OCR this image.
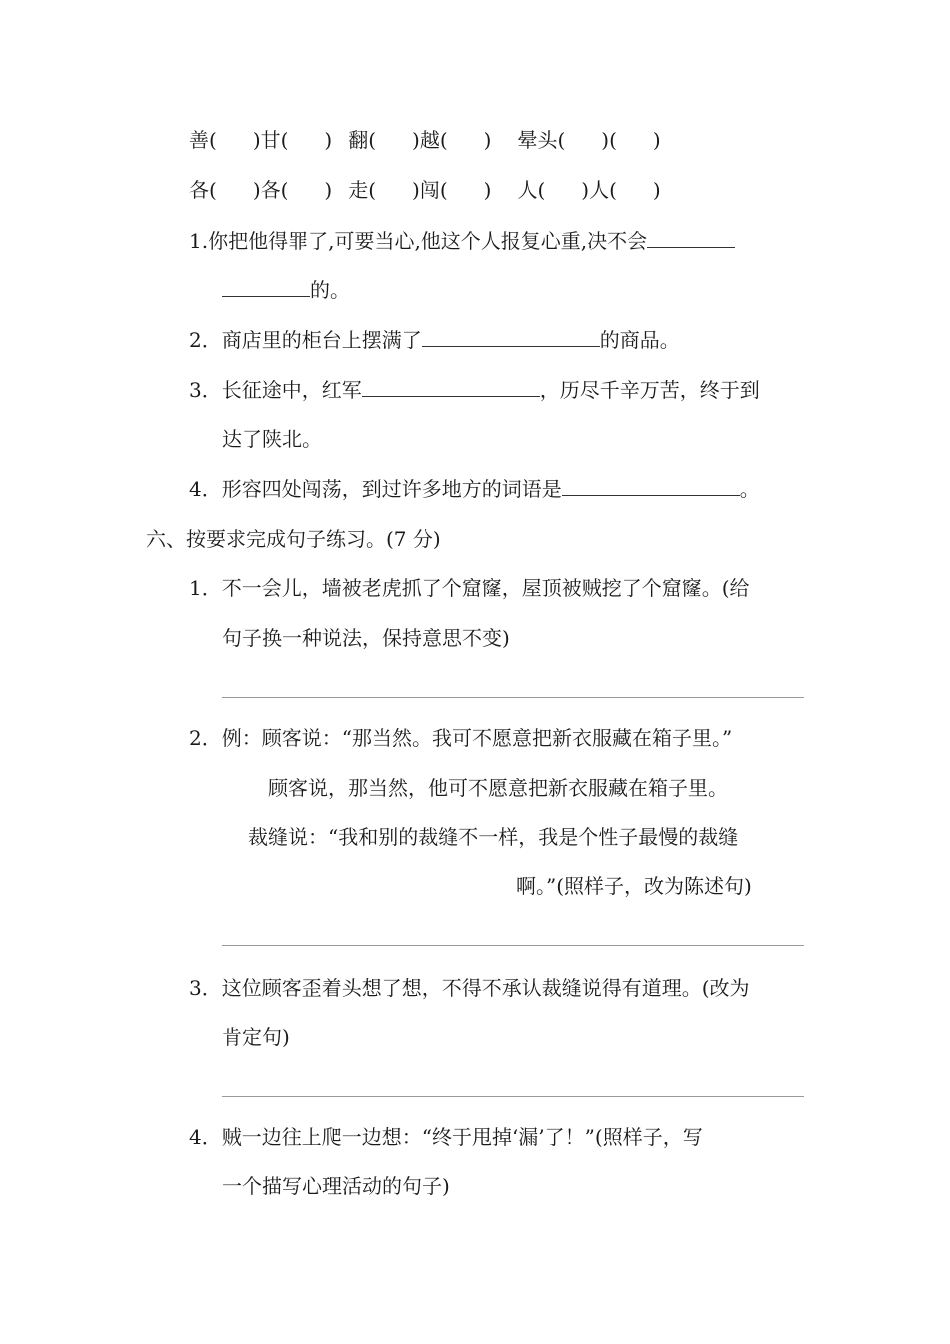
善( )甘( ) 翻( )越( ) 晕头( )( )
各( )各( ) 走( )闯( ) 人( )人( )
1.你把他得罪了,可要当心,他这个人报复心重,决不会
的。
2．商店里的柜台上摆满了	的商品。
3．长征途中，红军	，历尽千辛万苦，终于到
达了陕北。
4．形容四处闯荡，到过许多地方的词语是	。
六、按要求完成句子练习。(7 分)
1．不一会儿，墙被老虎抓了个窟窿，屋顶被贼挖了个窟窿。(给
句子换一种说法，保持意思不变)
2．例：顾客说：“那当然。我可不愿意把新衣服藏在箱子里。”
顾客说，那当然，他可不愿意把新衣服藏在箱子里。
裁缝说：“我和别的裁缝不一样，我是个性子最慢的裁缝
啊。”(照样子，改为陈述句)
3．这位顾客歪着头想了想，不得不承认裁缝说得有道理。(改为
肯定句)
4．贼一边往上爬一边想：“终于甩掉‘漏’了！”(照样子，写
一个描写心理活动的句子)
